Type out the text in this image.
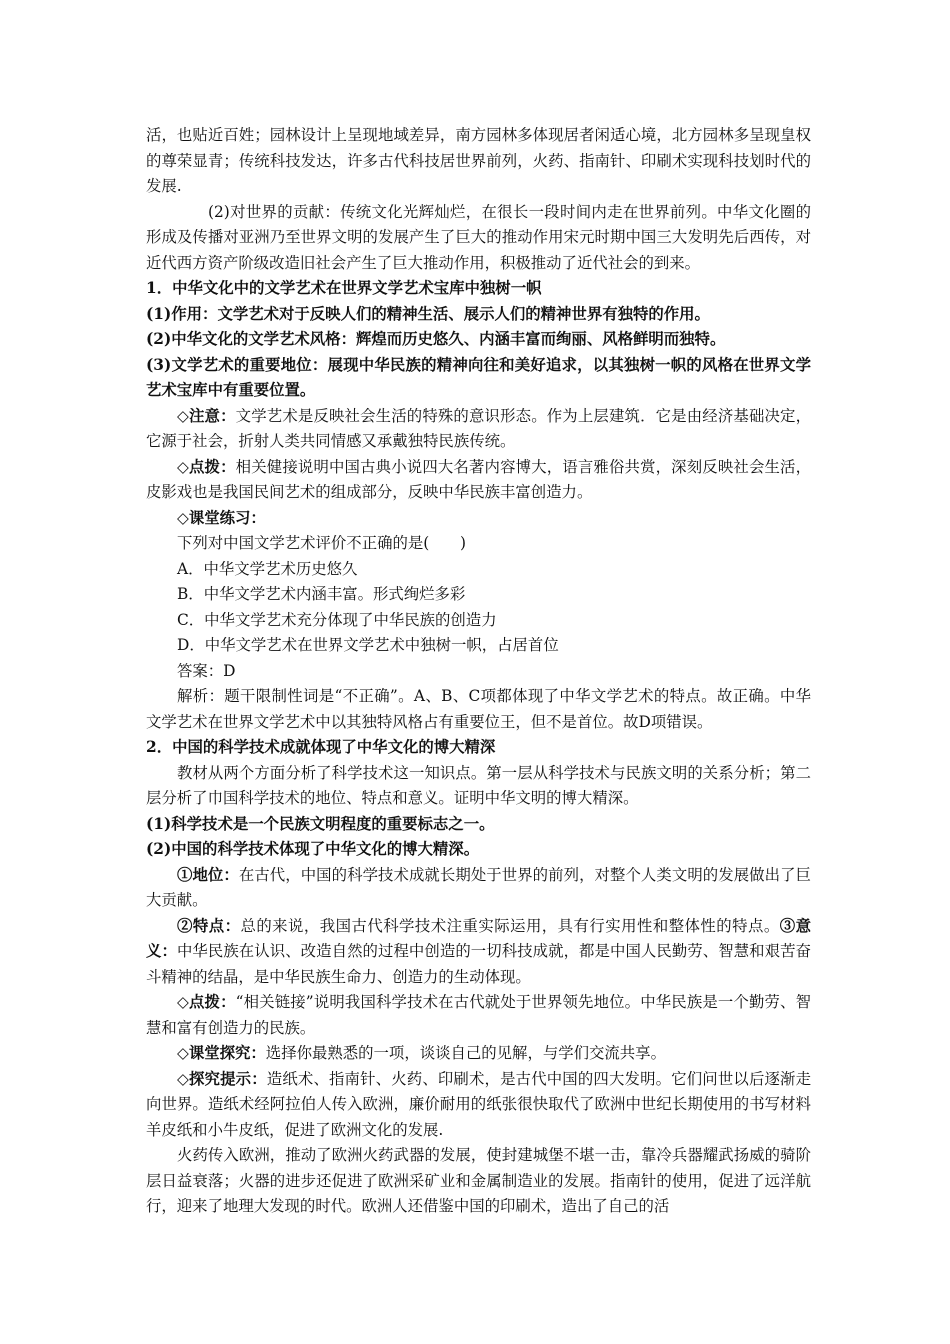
活，也贴近百姓；园林设计上呈现地域差异，南方园林多体现居者闲适心境，北方园林多呈现皇权的尊荣显青；传统科技发达，许多古代科技居世界前列，火药、指南针、印刷术实现科技划时代的发展.

(2)对世界的贡献：传统文化光辉灿烂，在很长一段时间内走在世界前列。中华文化圈的形成及传播对亚洲乃至世界文明的发展产生了巨大的推动作用宋元时期中国三大发明先后西传，对近代西方资产阶级改造旧社会产生了巨大推动作用，积极推动了近代社会的到来。

1．中华文化中的文学艺术在世界文学艺术宝库中独树一帜

(1)作用：文学艺术对于反映人们的精神生活、展示人们的精神世界有独特的作用。

(2)中华文化的文学艺术风格：辉煌而历史悠久、内涵丰富而绚丽、风格鲜明而独特。

(3)文学艺术的重要地位：展现中华民族的精神向往和美好追求，以其独树一帜的风格在世界文学艺术宝库中有重要位置。

◇注意：文学艺术是反映社会生活的特殊的意识形态。作为上层建筑．它是由经济基础决定，它源于社会，折射人类共同情感又承戴独特民族传统。

◇点拨：相关健接说明中国古典小说四大名著内容博大，语言雅俗共赏，深刻反映社会生活，皮影戏也是我国民间艺术的组成部分，反映中华民族丰富创造力。

◇课堂练习：

下列对中国文学艺术评价不正确的是(　　)

A．中华文学艺术历史悠久

B．中华文学艺术内涵丰富。形式绚烂多彩

C．中华文学艺术充分体现了中华民族的创造力

D．中华文学艺术在世界文学艺术中独树一帜，占居首位

答案：D

解析：题干限制性词是“不正确”。A、B、C项都体现了中华文学艺术的特点。故正确。中华文学艺术在世界文学艺术中以其独特风格占有重要位王，但不是首位。故D项错误。

2．中国的科学技术成就体现了中华文化的博大精深

教材从两个方面分析了科学技术这一知识点。第一层从科学技术与民族文明的关系分析；第二层分析了巾国科学技术的地位、特点和意义。证明中华文明的博大精深。

(1)科学技术是一个民族文明程度的重要标志之一。

(2)中国的科学技术体现了中华文化的博大精深。

①地位：在古代，中国的科学技术成就长期处于世界的前列，对整个人类文明的发展做出了巨大贡献。

②特点：总的来说，我国古代科学技术注重实际运用，具有行实用性和整体性的特点。③意义：中华民族在认识、改造自然的过程中创造的一切科技成就，都是中国人民勤劳、智慧和艰苦奋斗精神的结晶，是中华民族生命力、创造力的生动体现。

◇点拨：“相关链接”说明我国科学技术在古代就处于世界领先地位。中华民族是一个勤劳、智慧和富有创造力的民族。

◇课堂探究：选择你最熟悉的一项，谈谈自己的见解，与学们交流共享。

◇探究提示：造纸术、指南针、火药、印刷术，是古代中国的四大发明。它们问世以后逐渐走向世界。造纸术经阿拉伯人传入欧洲，廉价耐用的纸张很快取代了欧洲中世纪长期使用的书写材料羊皮纸和小牛皮纸，促进了欧洲文化的发展.

火药传入欧洲，推动了欧洲火药武器的发展，使封建城堡不堪一击，靠冷兵器耀武扬威的骑阶层日益衰落；火器的进步还促进了欧洲采矿业和金属制造业的发展。指南针的使用，促进了远洋航行，迎来了地理大发现的时代。欧洲人还借鉴中国的印刷术，造出了自己的活
